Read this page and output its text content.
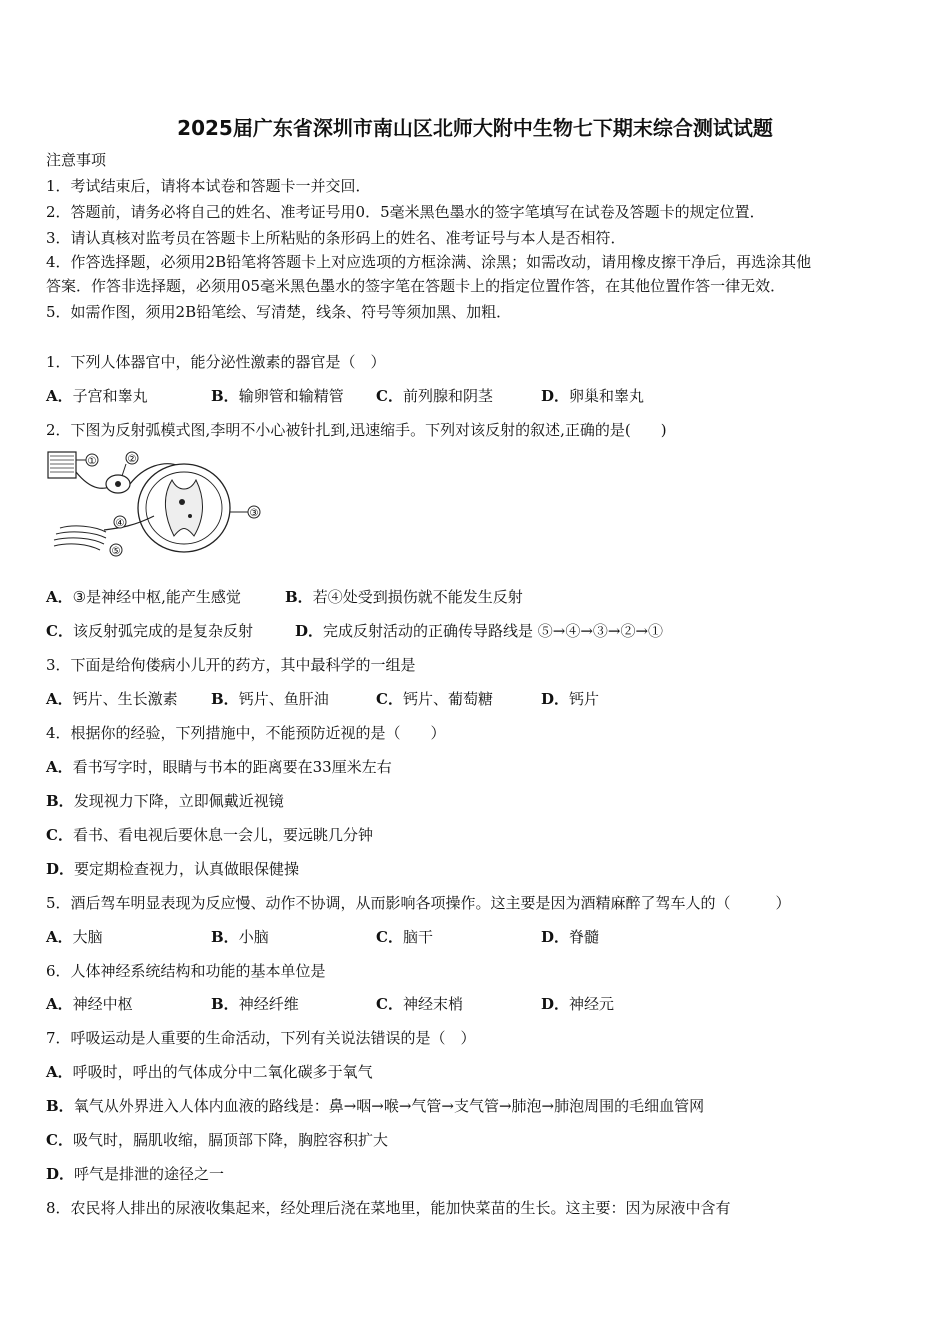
2025届广东省深圳市南山区北师大附中生物七下期末综合测试试题
注意事项
1．考试结束后，请将本试卷和答题卡一并交回．
2．答题前，请务必将自己的姓名、准考证号用0．5毫米黑色墨水的签字笔填写在试卷及答题卡的规定位置．
3．请认真核对监考员在答题卡上所粘贴的条形码上的姓名、准考证号与本人是否相符．
4．作答选择题，必须用2B铅笔将答题卡上对应选项的方框涂满、涂黑；如需改动，请用橡皮擦干净后，再选涂其他
答案．作答非选择题，必须用05毫米黑色墨水的签字笔在答题卡上的指定位置作答，在其他位置作答一律无效．
5．如需作图，须用2B铅笔绘、写清楚，线条、符号等须加黑、加粗．
1．下列人体器官中，能分泌性激素的器官是（　）
A．子宫和睾丸	B．输卵管和输精管 C．前列腺和阴茎	D．卵巢和睾丸
2．下图为反射弧模式图,李明不小心被针扎到,迅速缩手。下列对该反射的叙述,正确的是(　　)
①	②
③
④
⑤
A．③是神经中枢,能产生感觉	B．若④处受到损伤就不能发生反射
C．该反射弧完成的是复杂反射	D．完成反射活动的正确传导路线是 ⑤→④→③→②→①
3．下面是给佝偻病小儿开的药方，其中最科学的一组是
A．钙片、生长激素 B．钙片、鱼肝油	C．钙片、葡萄糖	D．钙片
4．根据你的经验，下列措施中，不能预防近视的是（　　）
A．看书写字时，眼睛与书本的距离要在33厘米左右
B．发现视力下降，立即佩戴近视镜
C．看书、看电视后要休息一会儿，要远眺几分钟
D．要定期检查视力，认真做眼保健操
5．酒后驾车明显表现为反应慢、动作不协调，从而影响各项操作。这主要是因为酒精麻醉了驾车人的（　　　）
A．大脑	B．小脑	C．脑干	D．脊髓
6．人体神经系统结构和功能的基本单位是
A．神经中枢	B．神经纤维	C．神经末梢	D．神经元
7．呼吸运动是人重要的生命活动，下列有关说法错误的是（　）
A．呼吸时，呼出的气体成分中二氧化碳多于氧气
B．氧气从外界进入人体内血液的路线是：鼻→咽→喉→气管→支气管→肺泡→肺泡周围的毛细血管网
C．吸气时，膈肌收缩，膈顶部下降，胸腔容积扩大
D．呼气是排泄的途径之一
8．农民将人排出的尿液收集起来，经处理后浇在菜地里，能加快菜苗的生长。这主要：因为尿液中含有
